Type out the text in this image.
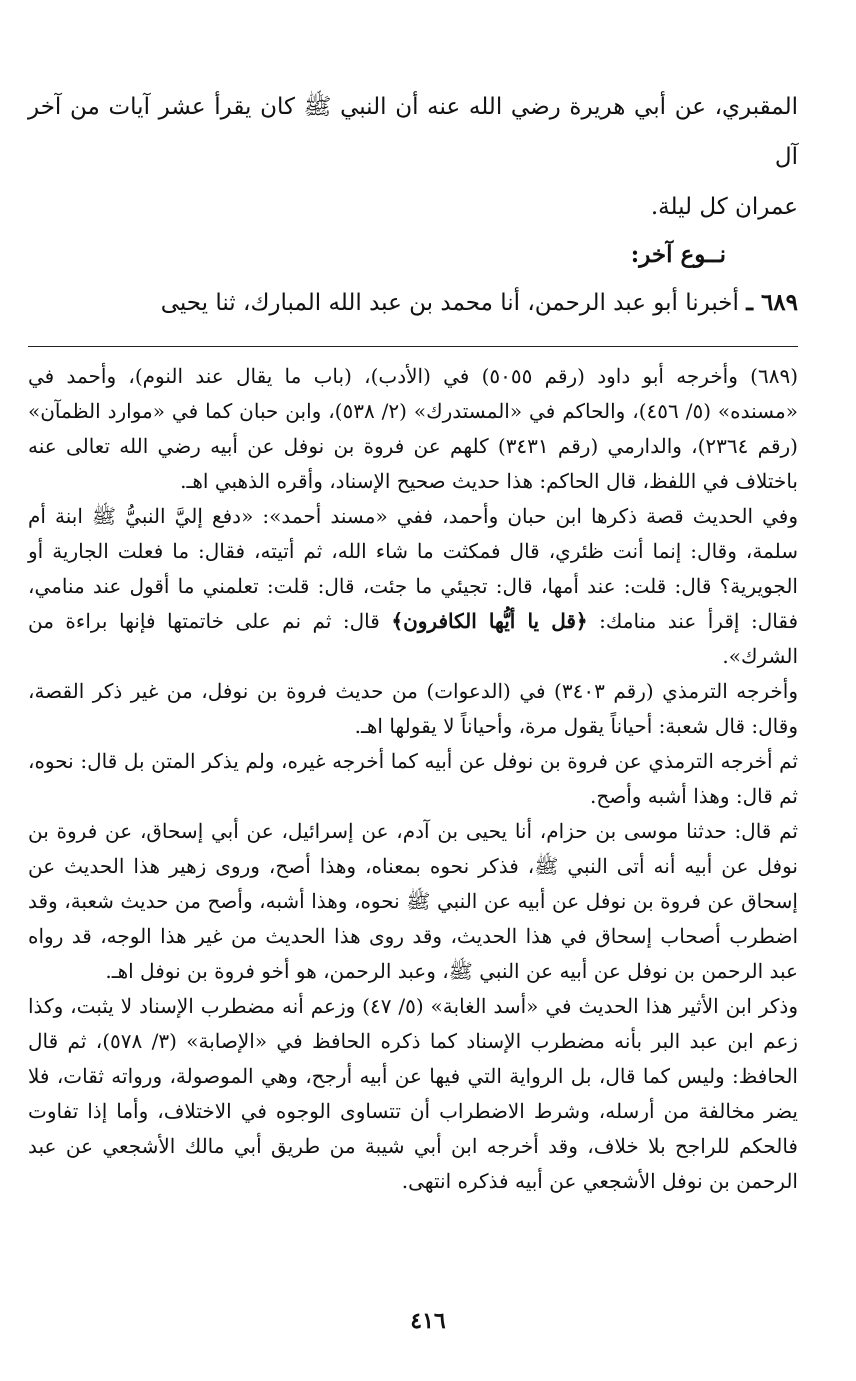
المقبري، عن أبي هريرة رضي الله عنه أن النبي ﷺ كان يقرأ عشر آيات من آخر آل

عمران كل ليلة.

نــوع آخر:

٦٨٩ ـ أخبرنا أبو عبد الرحمن، أنا محمد بن عبد الله المبارك، ثنا يحيى

(٦٨٩) وأخرجه أبو داود (رقم ٥٠٥٥) في (الأدب)، (باب ما يقال عند النوم)، وأحمد في «مسنده» (٥/ ٤٥٦)، والحاكم في «المستدرك» (٢/ ٥٣٨)، وابن حبان كما في «موارد الظمآن» (رقم ٢٣٦٤)، والدارمي (رقم ٣٤٣١) كلهم عن فروة بن نوفل عن أبيه رضي الله تعالى عنه باختلاف في اللفظ، قال الحاكم: هذا حديث صحيح الإسناد، وأقره الذهبي اهـ.

وفي الحديث قصة ذكرها ابن حبان وأحمد، ففي «مسند أحمد»: «دفع إليَّ النبيُّ ﷺ ابنة أم سلمة، وقال: إنما أنت ظئري، قال فمكثت ما شاء الله، ثم أتيته، فقال: ما فعلت الجارية أو الجويرية؟ قال: قلت: عند أمها، قال: تجيئي ما جئت، قال: قلت: تعلمني ما أقول عند منامي، فقال: إقرأ عند منامك: ﴿قل يا أيُّها الكافرون﴾ قال: ثم نم على خاتمتها فإنها براءة من الشرك».

وأخرجه الترمذي (رقم ٣٤٠٣) في (الدعوات) من حديث فروة بن نوفل، من غير ذكر القصة، وقال: قال شعبة: أحياناً يقول مرة، وأحياناً لا يقولها اهـ.

ثم أخرجه الترمذي عن فروة بن نوفل عن أبيه كما أخرجه غيره، ولم يذكر المتن بل قال: نحوه، ثم قال: وهذا أشبه وأصح.

ثم قال: حدثنا موسى بن حزام، أنا يحيى بن آدم، عن إسرائيل، عن أبي إسحاق، عن فروة بن نوفل عن أبيه أنه أتى النبي ﷺ، فذكر نحوه بمعناه، وهذا أصح، وروى زهير هذا الحديث عن إسحاق عن فروة بن نوفل عن أبيه عن النبي ﷺ نحوه، وهذا أشبه، وأصح من حديث شعبة، وقد اضطرب أصحاب إسحاق في هذا الحديث، وقد روى هذا الحديث من غير هذا الوجه، قد رواه عبد الرحمن بن نوفل عن أبيه عن النبي ﷺ، وعبد الرحمن، هو أخو فروة بن نوفل اهـ.

وذكر ابن الأثير هذا الحديث في «أسد الغابة» (٥/ ٤٧) وزعم أنه مضطرب الإسناد لا يثبت، وكذا زعم ابن عبد البر بأنه مضطرب الإسناد كما ذكره الحافظ في «الإصابة» (٣/ ٥٧٨)، ثم قال الحافظ: وليس كما قال، بل الرواية التي فيها عن أبيه أرجح، وهي الموصولة، ورواته ثقات، فلا يضر مخالفة من أرسله، وشرط الاضطراب أن تتساوى الوجوه في الاختلاف، وأما إذا تفاوت فالحكم للراجح بلا خلاف، وقد أخرجه ابن أبي شيبة من طريق أبي مالك الأشجعي عن عبد الرحمن بن نوفل الأشجعي عن أبيه فذكره انتهى.

٤١٦
